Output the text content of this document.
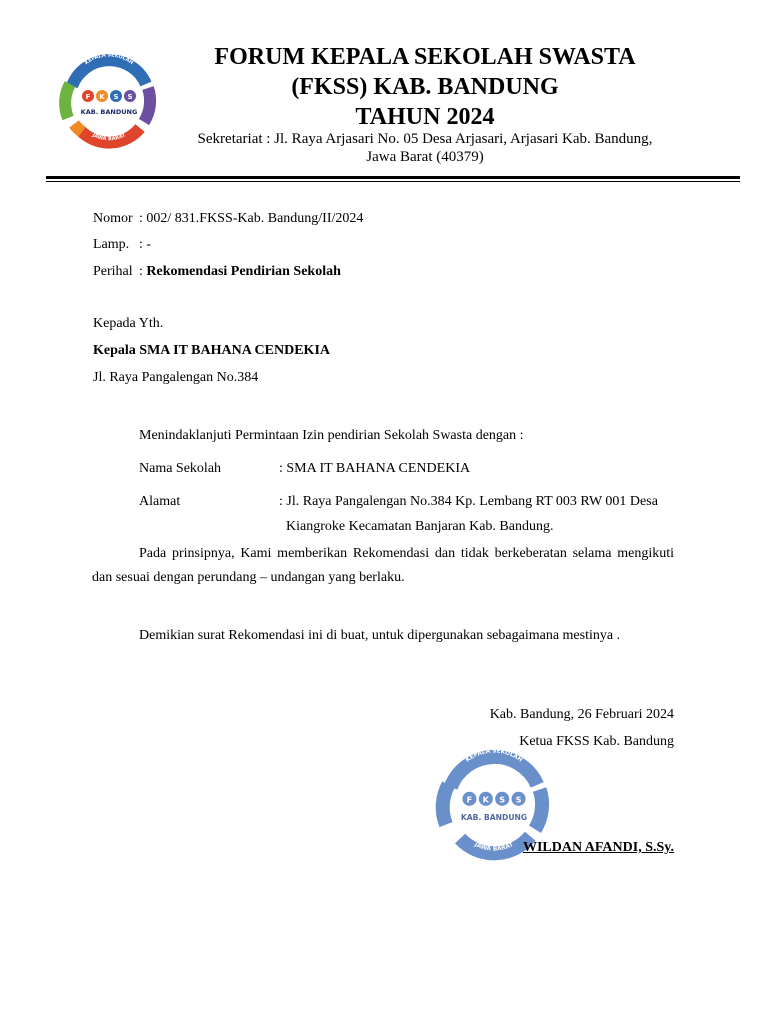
KEPALA SEKOLAH
SWASTA
JAWA BARAT
FORUM
F K S S
KAB. BANDUNG
FORUM KEPALA SEKOLAH SWASTA
(FKSS) KAB. BANDUNG
TAHUN 2024
Sekretariat : Jl. Raya Arjasari No. 05 Desa Arjasari, Arjasari Kab. Bandung,
Jawa Barat (40379)
Nomor : 002/ 831.FKSS-Kab. Bandung/II/2024
Lamp. : -
Perihal : Rekomendasi Pendirian Sekolah
Kepada Yth.
Kepala SMA IT BAHANA CENDEKIA
Jl. Raya Pangalengan No.384
Menindaklanjuti Permintaan Izin pendirian Sekolah Swasta dengan :
Nama Sekolah	: SMA IT BAHANA CENDEKIA
Alamat	: Jl. Raya Pangalengan No.384 Kp. Lembang RT 003 RW 001 Desa
Kiangroke Kecamatan Banjaran Kab. Bandung.
Pada prinsipnya, Kami memberikan Rekomendasi dan tidak berkeberatan selama mengikuti dan sesuai dengan perundang – undangan yang berlaku.
Demikian surat Rekomendasi ini di buat, untuk dipergunakan sebagaimana mestinya .
KEPALA SEKOLAH
SWASTA
JAWA BARAT
FORUM
F K S S
KAB. BANDUNG
Kab. Bandung, 26 Februari 2024
Ketua FKSS Kab. Bandung
WILDAN AFANDI, S.Sy.
